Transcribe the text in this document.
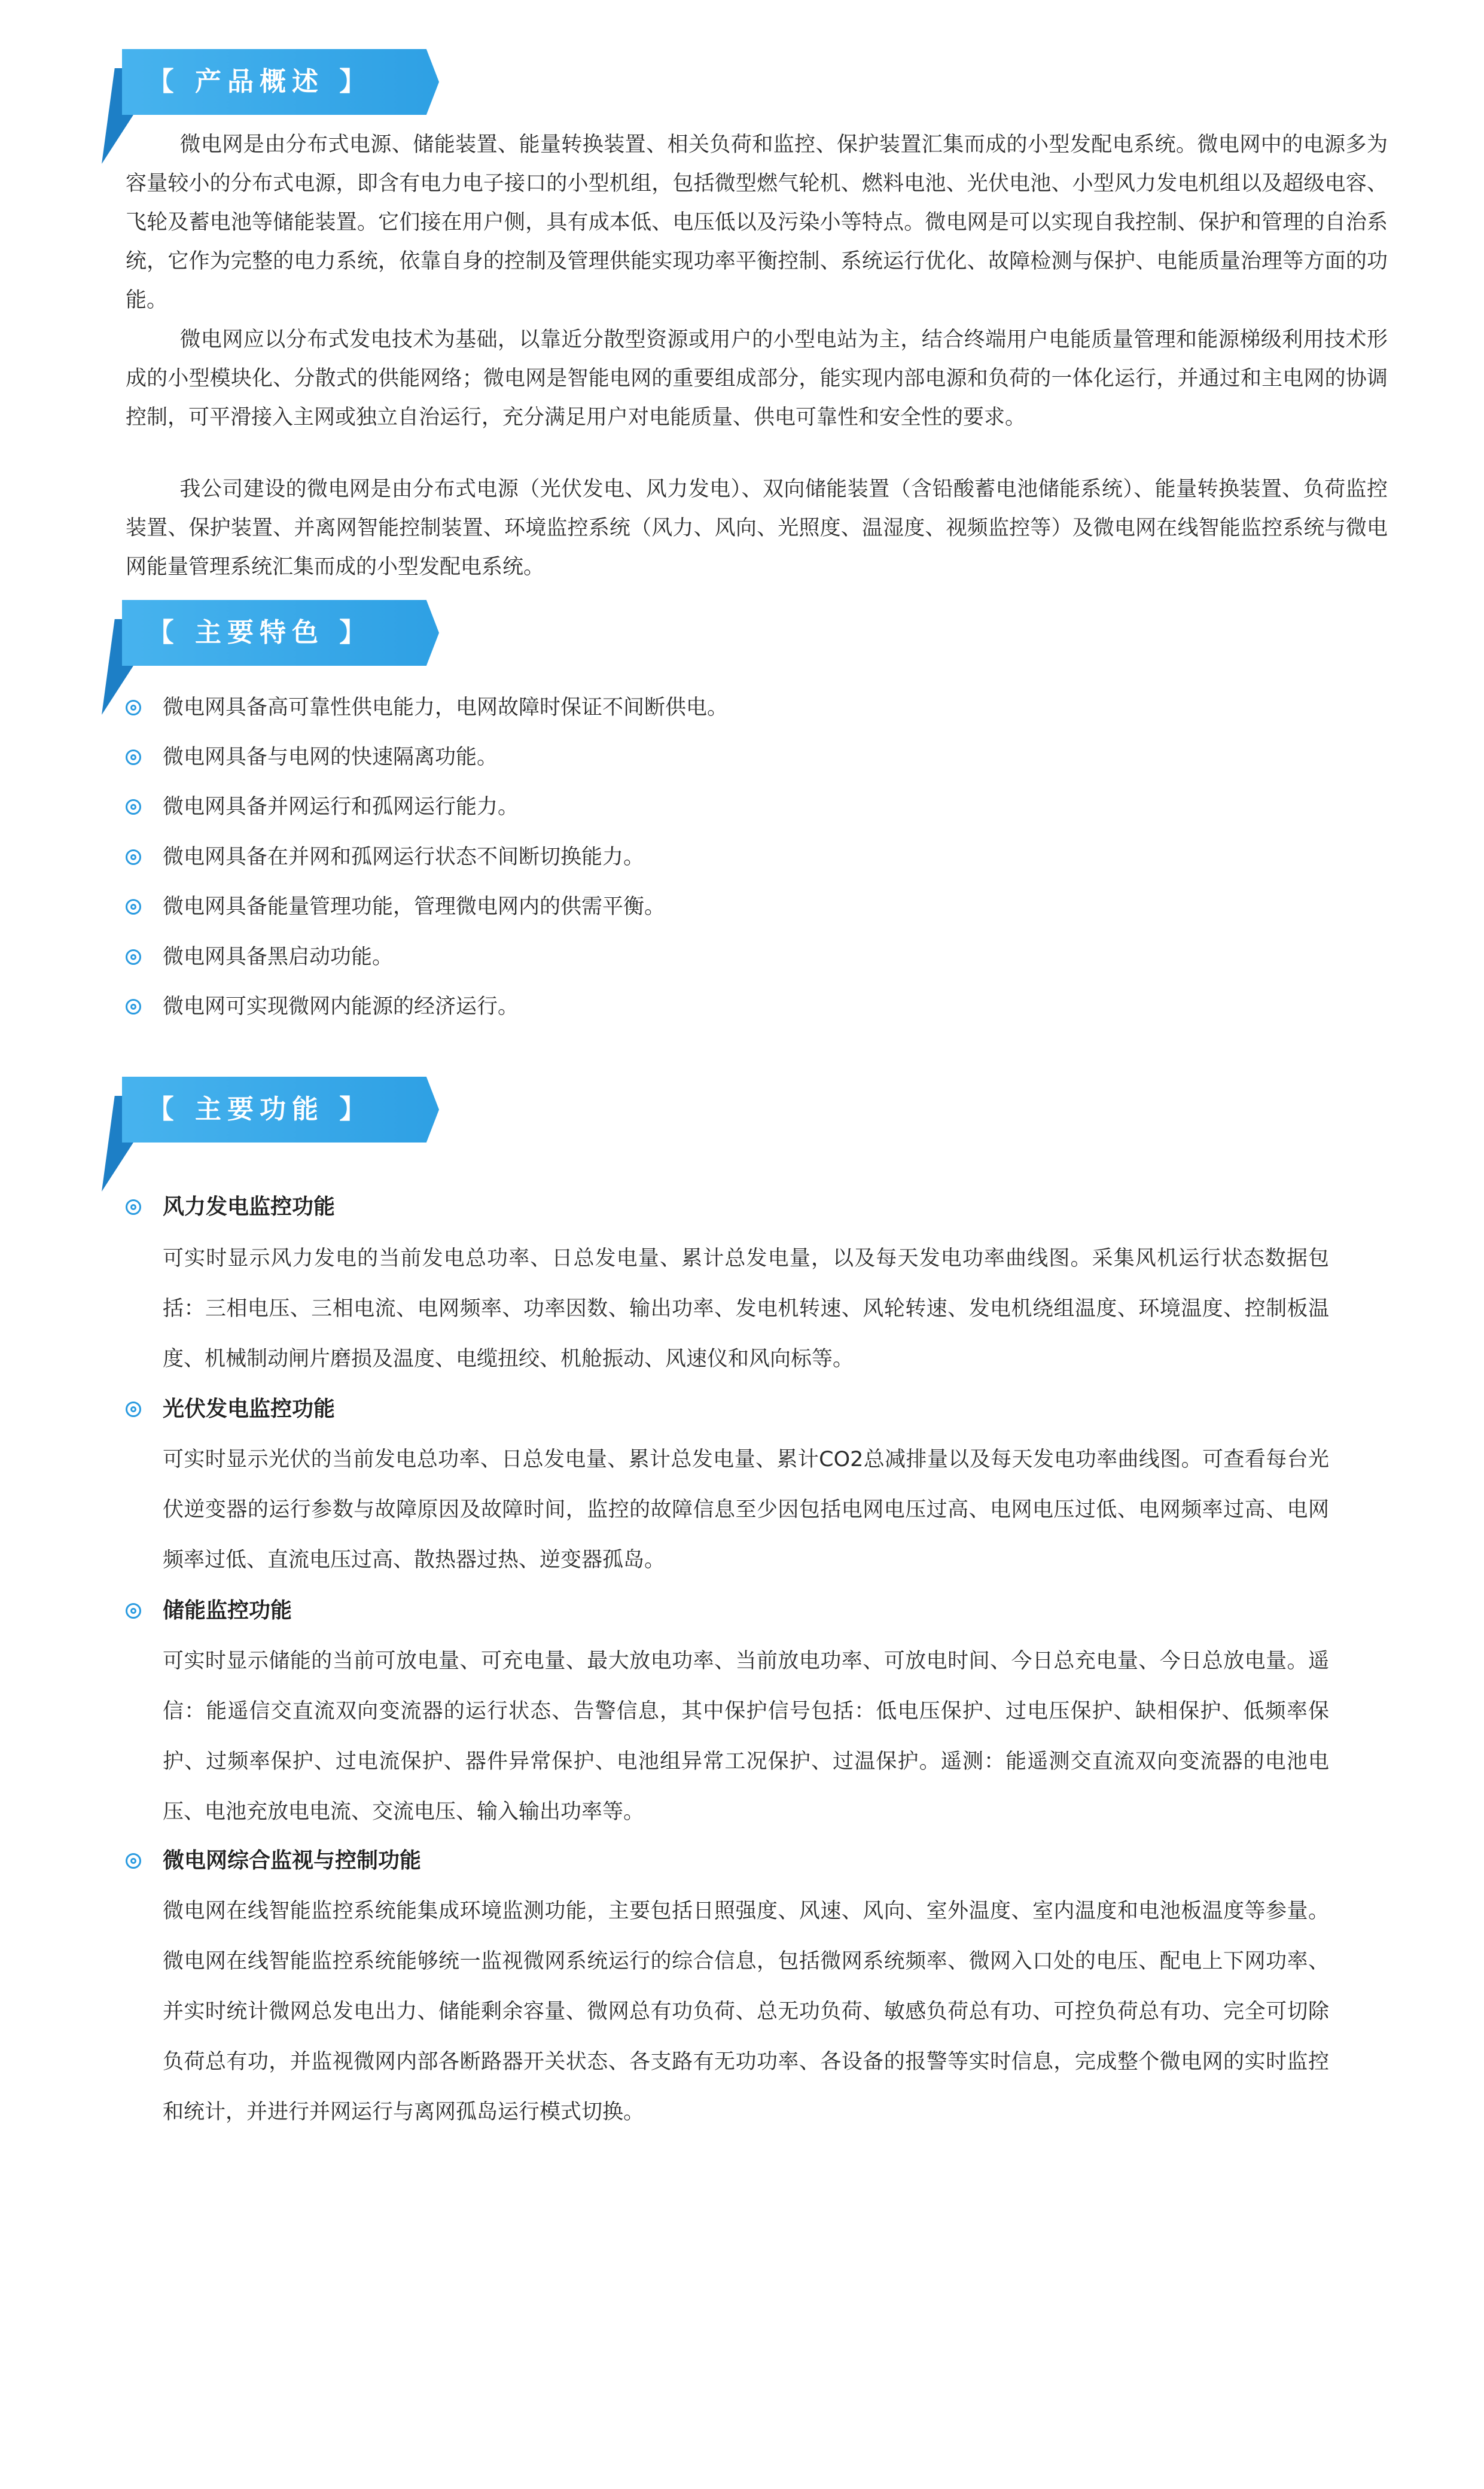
【 产品概述 】
微电网是由分布式电源、储能装置、能量转换装置、相关负荷和监控、保护装置汇集而成的小型发配电系统。微电网中的电源多为容量较小的分布式电源，即含有电力电子接口的小型机组，包括微型燃气轮机、燃料电池、光伏电池、小型风力发电机组以及超级电容、飞轮及蓄电池等储能装置。它们接在用户侧，具有成本低、电压低以及污染小等特点。微电网是可以实现自我控制、保护和管理的自治系统，它作为完整的电力系统，依靠自身的控制及管理供能实现功率平衡控制、系统运行优化、故障检测与保护、电能质量治理等方面的功能。
微电网应以分布式发电技术为基础，以靠近分散型资源或用户的小型电站为主，结合终端用户电能质量管理和能源梯级利用技术形成的小型模块化、分散式的供能网络；微电网是智能电网的重要组成部分，能实现内部电源和负荷的一体化运行，并通过和主电网的协调控制，可平滑接入主网或独立自治运行，充分满足用户对电能质量、供电可靠性和安全性的要求。
我公司建设的微电网是由分布式电源（光伏发电、风力发电）、双向储能装置（含铅酸蓄电池储能系统）、能量转换装置、负荷监控装置、保护装置、并离网智能控制装置、环境监控系统（风力、风向、光照度、温湿度、视频监控等）及微电网在线智能监控系统与微电网能量管理系统汇集而成的小型发配电系统。
【 主要特色 】
微电网具备高可靠性供电能力，电网故障时保证不间断供电。
微电网具备与电网的快速隔离功能。
微电网具备并网运行和孤网运行能力。
微电网具备在并网和孤网运行状态不间断切换能力。
微电网具备能量管理功能，管理微电网内的供需平衡。
微电网具备黑启动功能。
微电网可实现微网内能源的经济运行。
【 主要功能 】
风力发电监控功能
可实时显示风力发电的当前发电总功率、日总发电量、累计总发电量，以及每天发电功率曲线图。采集风机运行状态数据包括：三相电压、三相电流、电网频率、功率因数、输出功率、发电机转速、风轮转速、发电机绕组温度、环境温度、控制板温度、机械制动闸片磨损及温度、电缆扭绞、机舱振动、风速仪和风向标等。
光伏发电监控功能
可实时显示光伏的当前发电总功率、日总发电量、累计总发电量、累计CO2总减排量以及每天发电功率曲线图。可查看每台光伏逆变器的运行参数与故障原因及故障时间，监控的故障信息至少因包括电网电压过高、电网电压过低、电网频率过高、电网频率过低、直流电压过高、散热器过热、逆变器孤岛。
储能监控功能
可实时显示储能的当前可放电量、可充电量、最大放电功率、当前放电功率、可放电时间、今日总充电量、今日总放电量。遥信：能遥信交直流双向变流器的运行状态、告警信息，其中保护信号包括：低电压保护、过电压保护、缺相保护、低频率保护、过频率保护、过电流保护、器件异常保护、电池组异常工况保护、过温保护。遥测：能遥测交直流双向变流器的电池电压、电池充放电电流、交流电压、输入输出功率等。
微电网综合监视与控制功能
微电网在线智能监控系统能集成环境监测功能，主要包括日照强度、风速、风向、室外温度、室内温度和电池板温度等参量。微电网在线智能监控系统能够统一监视微网系统运行的综合信息，包括微网系统频率、微网入口处的电压、配电上下网功率、并实时统计微网总发电出力、储能剩余容量、微网总有功负荷、总无功负荷、敏感负荷总有功、可控负荷总有功、完全可切除负荷总有功，并监视微网内部各断路器开关状态、各支路有无功功率、各设备的报警等实时信息，完成整个微电网的实时监控和统计，并进行并网运行与离网孤岛运行模式切换。
